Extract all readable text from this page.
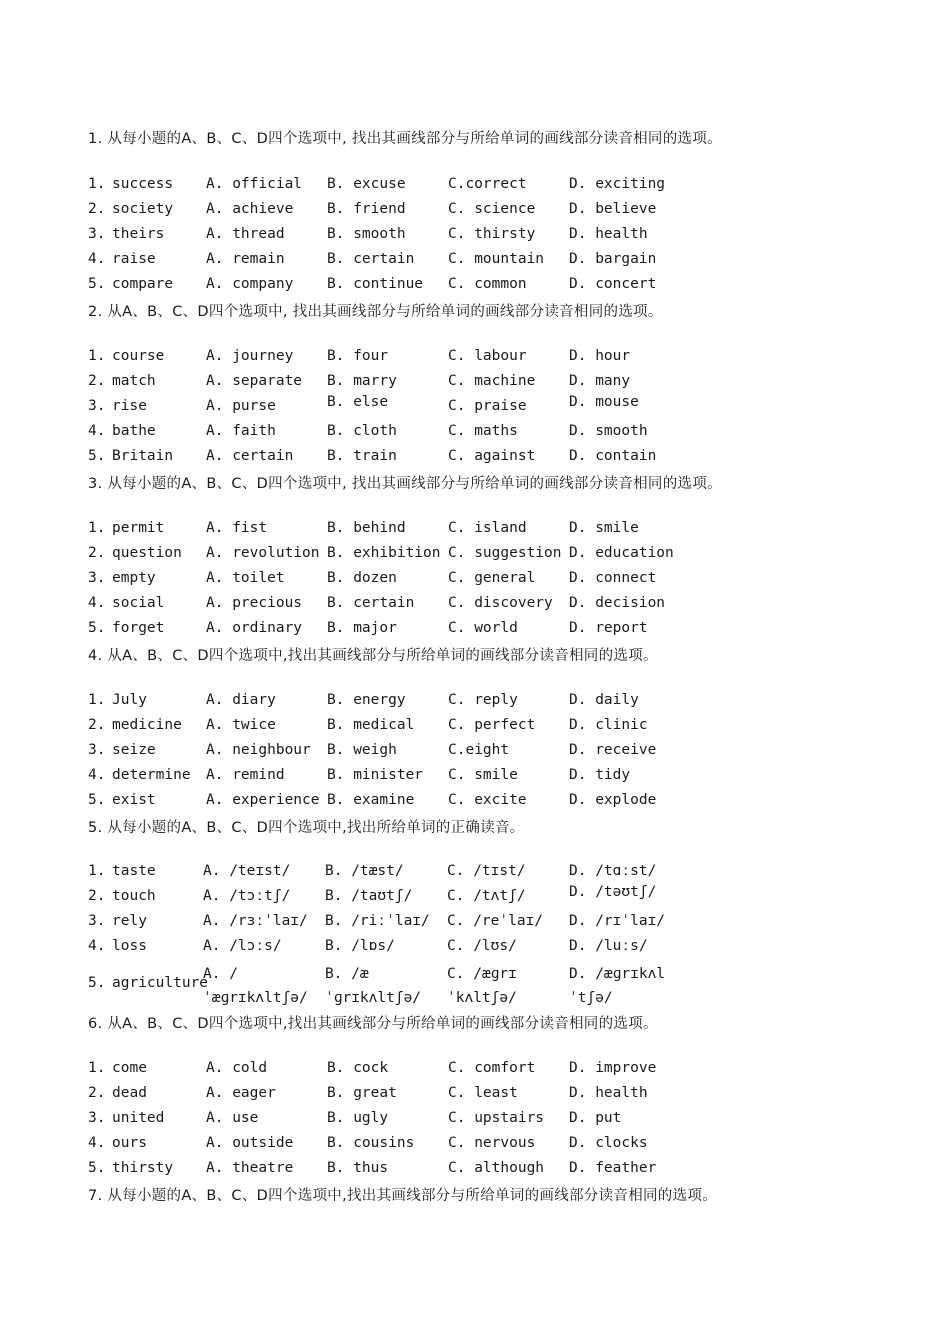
1. 从每小题的A、B、C、D四个选项中, 找出其画线部分与所给单词的画线部分读音相同的选项。
1. success A. official B. excuse	C.correct	D. exciting
2. society A. achieve B. friend	C. science D. believe
3. theirs	A. thread	B. smooth	C. thirsty D. health
4. raise	A. remain	B. certain C. mountain D. bargain
5. compare A. company B. continue C. common	D. concert
2. 从A、B、C、D四个选项中, 找出其画线部分与所给单词的画线部分读音相同的选项。
1. course	A. journey B. four	C. labour	D. hour
2. match	A. separate B. marry	C. machine D. many
3. rise	A. purse	B. else	C. praise	D. mouse
4. bathe	A. faith	B. cloth	C. maths	D. smooth
5. Britain A. certain B. train	C. against D. contain
3. 从每小题的A、B、C、D四个选项中, 找出其画线部分与所给单词的画线部分读音相同的选项。
1. permit	A. fist	B. behind	C. island	D. smile
2. question A. revolution B. exhibition C. suggestion D. education
3. empty	A. toilet	B. dozen	C. general D. connect
4. social	A. precious B. certain C. discovery D. decision
5. forget	A. ordinary B. major	C. world	D. report
4. 从A、B、C、D四个选项中,找出其画线部分与所给单词的画线部分读音相同的选项。
1. July	A. diary	B. energy	C. reply	D. daily
2. medicine A. twice	B. medical C. perfect D. clinic
3. seize	A. neighbour B. weigh	C.eight	D. receive
4. determine A. remind	B. minister C. smile	D. tidy
5. exist	A. experience B. examine C. excite	D. explode
5. 从每小题的A、B、C、D四个选项中,找出所给单词的正确读音。
1. taste	A. /teɪst/ B. /tæst/	C. /tɪst/	D. /tɑːst/
2. touch	A. /tɔːtʃ/ B. /taʊtʃ/ C. /tʌtʃ/	D. /təʊtʃ/
3. rely	A. /rɜːˈlaɪ/ B. /riːˈlaɪ/ C. /reˈlaɪ/ D. /rɪˈlaɪ/
4. loss	A. /lɔːs/	B. /lɒs/	C. /lʊs/	D. /luːs/
5. agriculture
A. / ˈæɡrɪkʌltʃə/
B. /æ ˈɡrɪkʌltʃə/
C. /æɡrɪ ˈkʌltʃə/
D. /æɡrɪkʌl ˈtʃə/
6. 从A、B、C、D四个选项中,找出其画线部分与所给单词的画线部分读音相同的选项。
1. come	A. cold	B. cock	C. comfort D. improve
2. dead	A. eager	B. great	C. least	D. health
3. united	A. use	B. ugly	C. upstairs D. put
4. ours	A. outside B. cousins C. nervous D. clocks
5. thirsty A. theatre B. thus	C. although D. feather
7. 从每小题的A、B、C、D四个选项中,找出其画线部分与所给单词的画线部分读音相同的选项。
